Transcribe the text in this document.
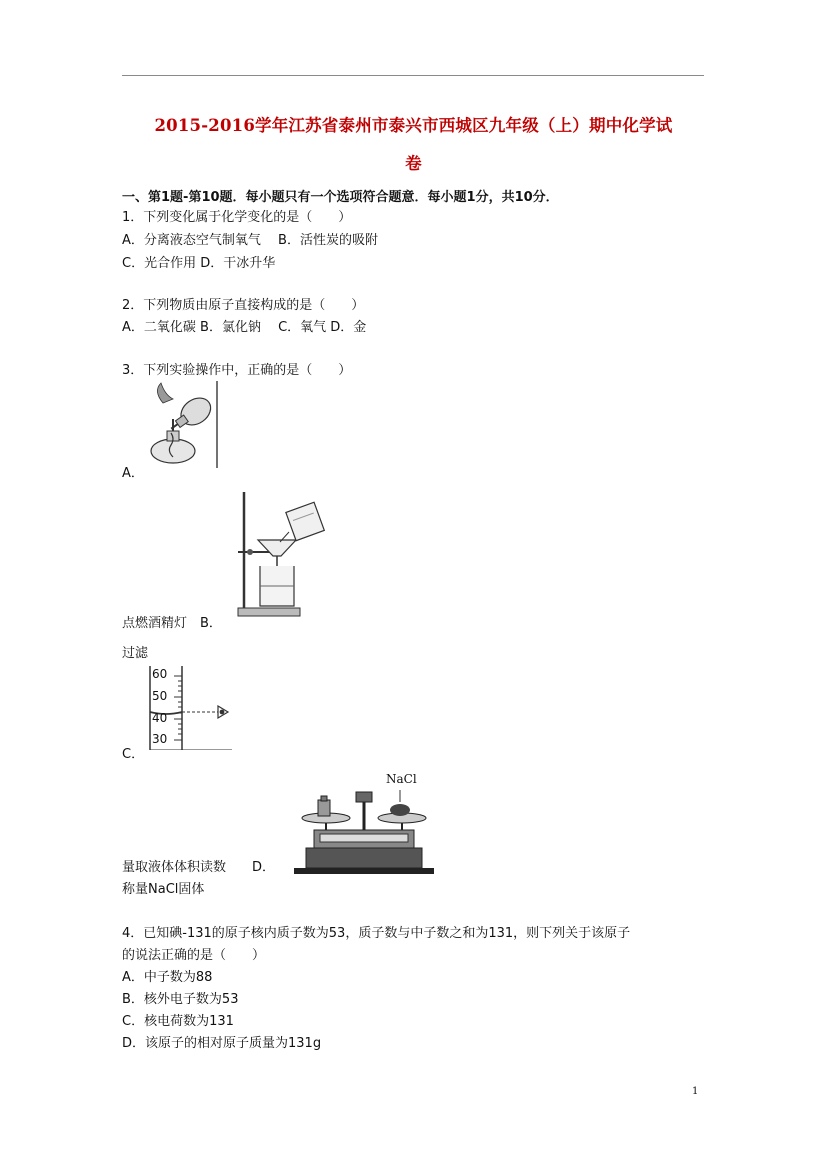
2015-2016学年江苏省泰州市泰兴市西城区九年级（上）期中化学试
卷
一、第1题-第10题．每小题只有一个选项符合题意．每小题1分，共10分．
1．下列变化属于化学变化的是（　　）
A．分离液态空气制氧气　 B．活性炭的吸附
C．光合作用 D．干冰升华
2．下列物质由原子直接构成的是（　　）
A．二氧化碳 B．氯化钠　 C．氧气 D．金
3．下列实验操作中，正确的是（　　）
A．
点燃酒精灯　B．
过滤
60
50
40
30
C．
NaCl
量取液体体积读数　　D．
称量NaCl固体
4．已知碘-131的原子核内质子数为53，质子数与中子数之和为131，则下列关于该原子
的说法正确的是（　　）
A．中子数为88
B．核外电子数为53
C．核电荷数为131
D．该原子的相对原子质量为131g
1
